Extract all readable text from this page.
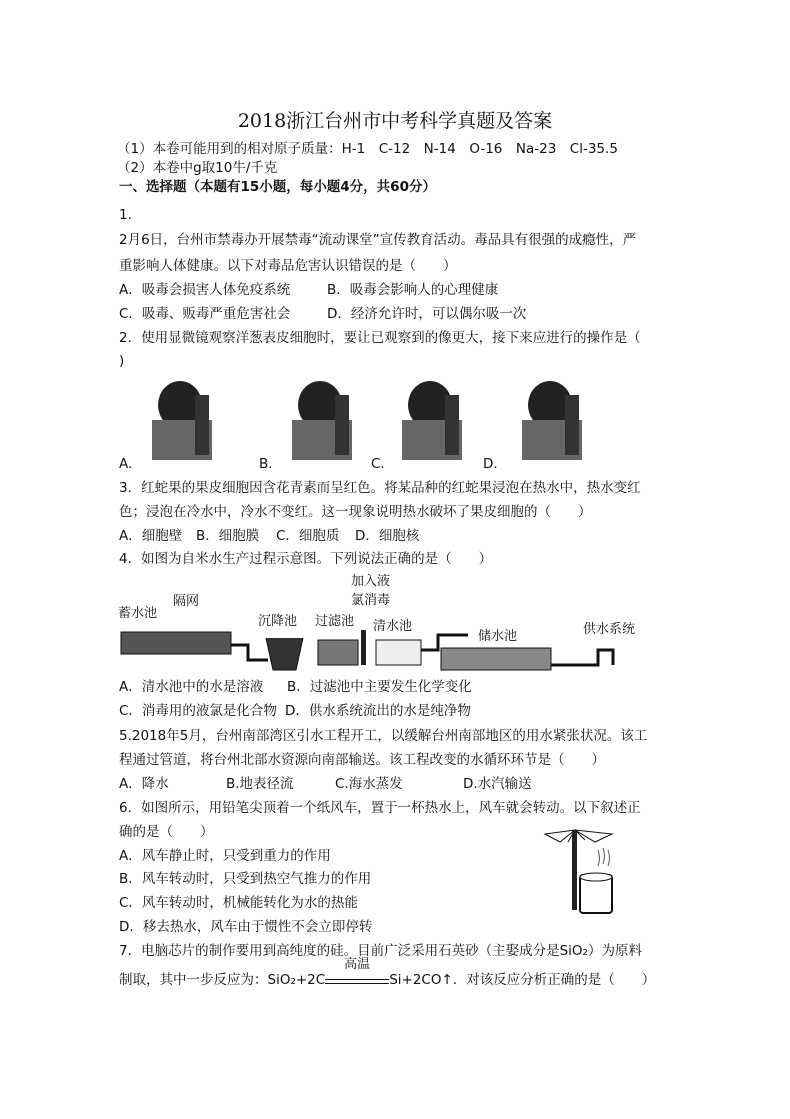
2018浙江台州市中考科学真题及答案
（1）本卷可能用到的相对原子质量：H-1　C-12　N-14　O-16　Na-23　Cl-35.5
（2）本卷中g取10牛/千克
一、选择题（本题有15小题，每小题4分，共60分）
1.
2月6日，台州市禁毒办开展禁毒“流动课堂”宣传教育活动。毒品具有很强的成瘾性，严
重影响人体健康。以下对毒品危害认识错误的是（　　）
A．吸毒会损害人体免疫系统	B．吸毒会影响人的心理健康
C．吸毒、贩毒严重危害社会	D．经济允许时，可以偶尔吸一次
2．使用显微镜观察洋葱表皮细胞时，要让已观察到的像更大，接下来应进行的操作是（
)
A.	B.	C.	D.
3．红蛇果的果皮细胞因含花青素而呈红色。将某品种的红蛇果浸泡在热水中，热水变红
色；浸泡在冷水中，冷水不变红。这一现象说明热水破坏了果皮细胞的（　　）
A．细胞壁 B．细胞膜 C．细胞质 D．细胞核
4．如图为自米水生产过程示意图。下列说法正确的是（　　）
蓄水池
隔网
沉降池 过滤池
加入液
氯消毒
清水池
储水池	供水系统
A．清水池中的水是溶液 B．过滤池中主要发生化学变化
C．消毒用的液氯是化合物 D．供水系统流出的水是纯净物
5.2018年5月，台州南部湾区引水工程开工，以缓解台州南部地区的用水紧张状况。该工
程通过管道，将台州北部水资源向南部输送。该工程改变的水循环环节是（　　）
A．降水	B.地表径流	C.海水蒸发	D.水汽输送
6．如图所示，用铅笔尖顶着一个纸风车，置于一杯热水上，风车就会转动。以下叙述正
确的是（　　）
A．风车静止时，只受到重力的作用
B．风车转动时，只受到热空气推力的作用
C．风车转动时，机械能转化为水的热能
D．移去热水，风车由于惯性不会立即停转
7．电脑芯片的制作要用到高纯度的硅。目前广泛采用石英砂（主娶成分是SiO₂）为原料
制取，其中一步反应为：SiO₂+2C
高温
Si+2CO↑．对该反应分析正确的是（　　）
